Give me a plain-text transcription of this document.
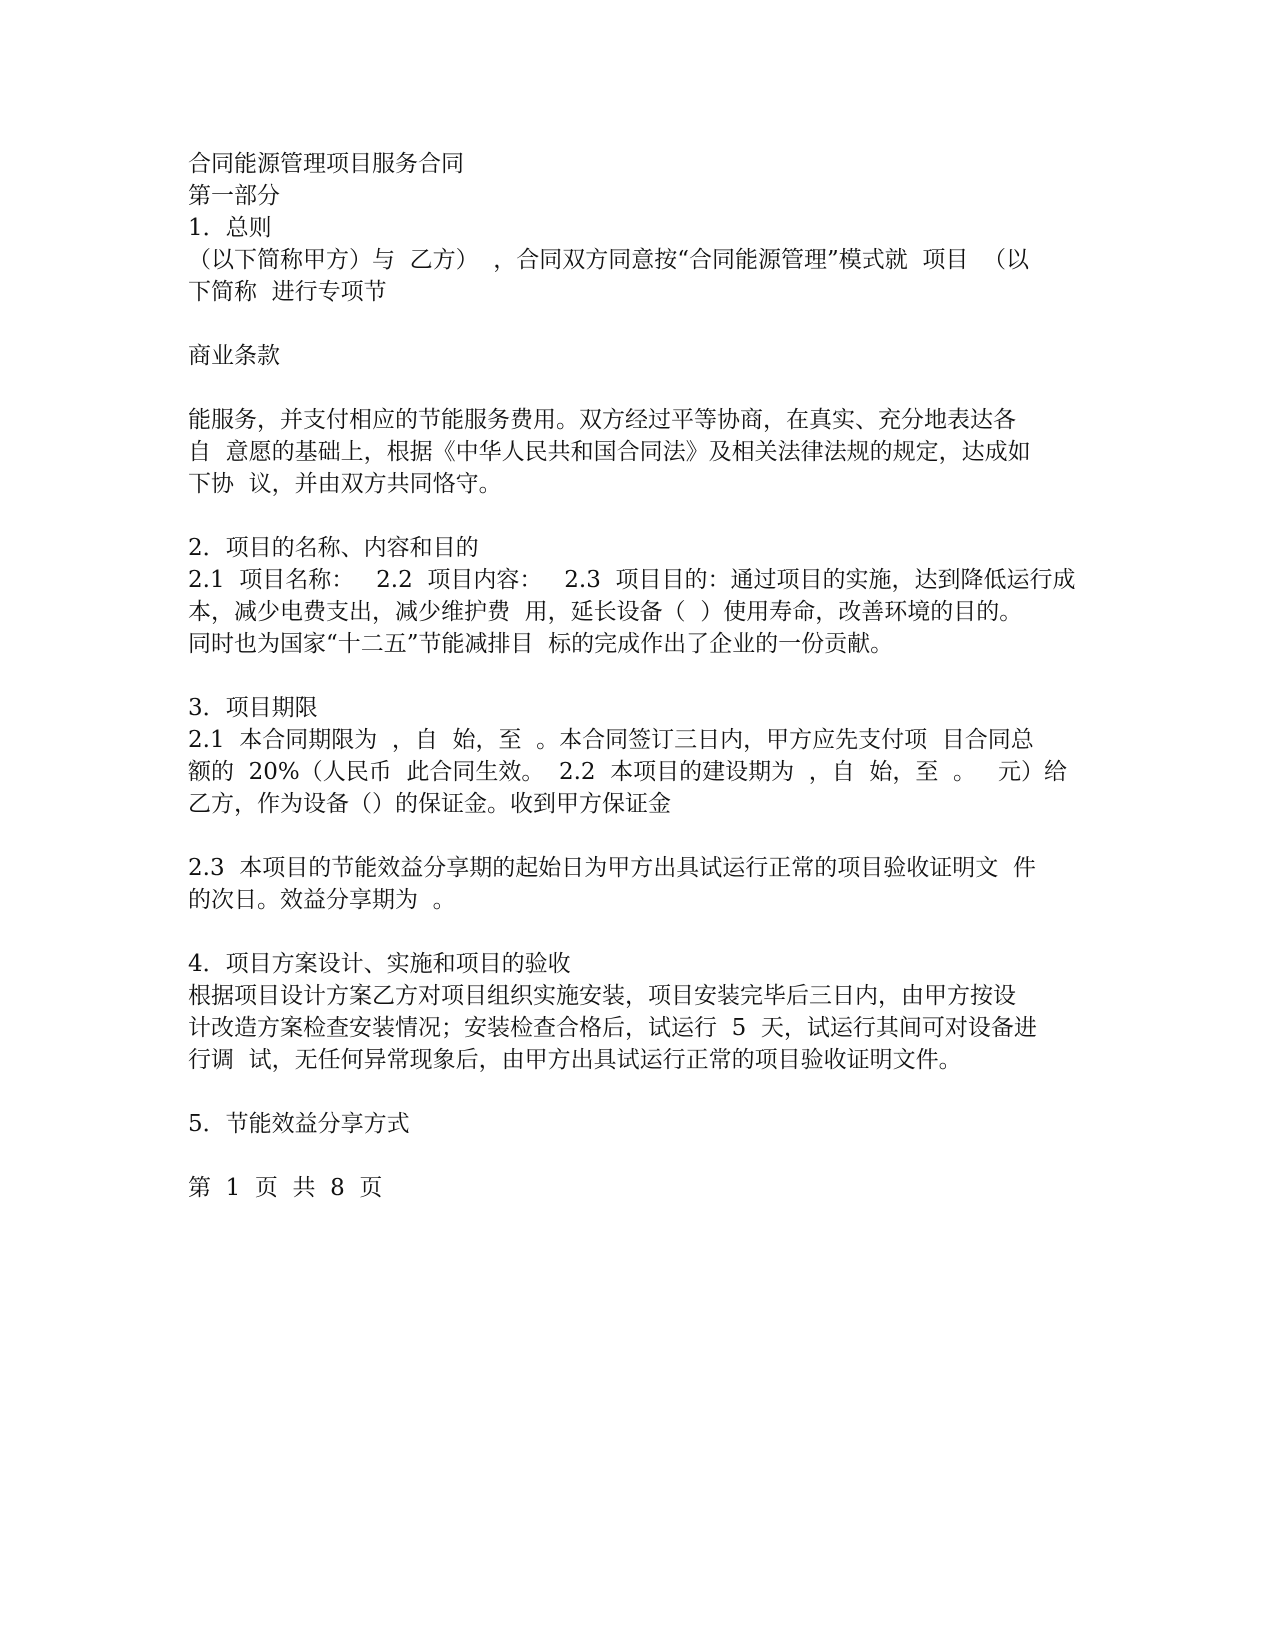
合同能源管理项目服务合同
第一部分
1．总则
（以下简称甲方）与  乙方）  ，合同双方同意按“合同能源管理”模式就  项目  （以
下简称  进行专项节
商业条款
能服务，并支付相应的节能服务费用。双方经过平等协商，在真实、充分地表达各
自  意愿的基础上，根据《中华人民共和国合同法》及相关法律法规的规定，达成如
下协  议，并由双方共同恪守。
2．项目的名称、内容和目的
2.1  项目名称：   2.2  项目内容：   2.3  项目目的：通过项目的实施，达到降低运行成
本，减少电费支出，减少维护费  用，延长设备（  ）使用寿命，改善环境的目的。
同时也为国家“十二五”节能减排目  标的完成作出了企业的一份贡献。
3．项目期限
2.1  本合同期限为  ，自  始，至  。本合同签订三日内，甲方应先支付项  目合同总
额的  20%（人民币  此合同生效。  2.2  本项目的建设期为  ，自  始，至  。   元）给
乙方，作为设备（）的保证金。收到甲方保证金
2.3  本项目的节能效益分享期的起始日为甲方出具试运行正常的项目验收证明文  件
的次日。效益分享期为  。
4．项目方案设计、实施和项目的验收
根据项目设计方案乙方对项目组织实施安装，项目安装完毕后三日内，由甲方按设
计改造方案检查安装情况；安装检查合格后，试运行  5  天，试运行其间可对设备进
行调  试，无任何异常现象后，由甲方出具试运行正常的项目验收证明文件。
5．节能效益分享方式
第  1  页  共  8  页
